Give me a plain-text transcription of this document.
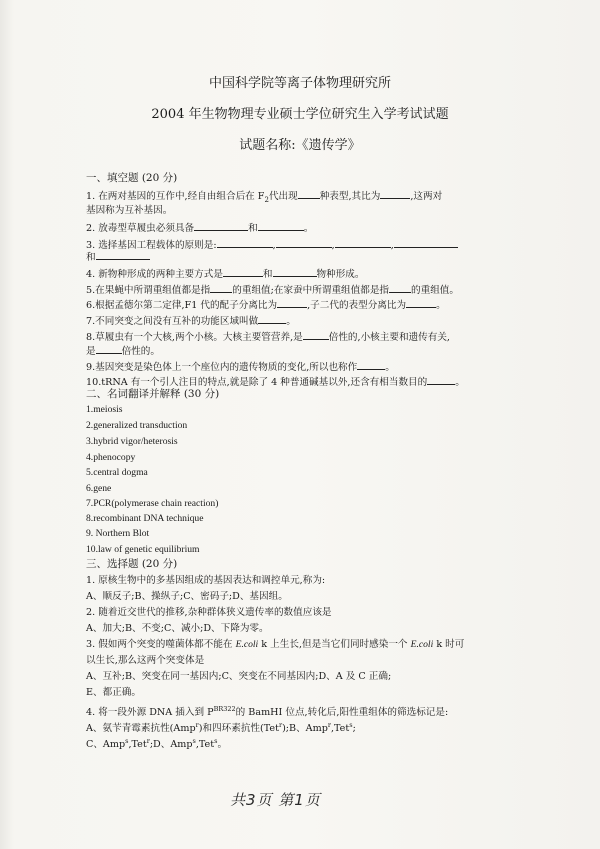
中国科学院等离子体物理研究所
2004 年生物物理专业硕士学位研究生入学考试试题
试题名称:《遗传学》
一、填空题 (20 分)
1. 在两对基因的互作中,经自由组合后在 $F_2$代出现 种表型,其比为	,这两对
基因称为互补基因。
2. 放毒型草履虫必须具备	和	。
3. 选择基因工程载体的原则是:	,	,	,
和
4. 新物种形成的两种主要方式是	和	物种形成。
5.在果蝇中所谓重组值都是指 的重组值;在家蚕中所谓重组值都是指 的重组值。
6.根据孟德尔第二定律,F1 代的配子分离比为	,子二代的表型分离比为	。
7.不同突变之间没有互补的功能区域叫做	。
8.草履虫有一个大核,两个小核。大核主要管营养,是	倍性的,小核主要和遗传有关,
是	倍性的。
9.基因突变是染色体上一个座位内的遗传物质的变化,所以也称作	。
10.tRNA 有一个引人注目的特点,就是除了 4 种普通碱基以外,还含有相当数目的	。
二、名词翻译并解释 (30 分)
1.meiosis
2.generalized transduction
3.hybrid vigor/heterosis
4.phenocopy
5.central dogma
6.gene
7.PCR(polymerase chain reaction)
8.recombinant DNA technique
9. Northern Blot
10.law of genetic equilibrium
三、选择题 (20 分)
1. 原核生物中的多基因组成的基因表达和调控单元,称为:
A、顺反子;B、操纵子;C、密码子;D、基因组。
2. 随着近交世代的推移,杂种群体狭义遗传率的数值应该是
A、加大;B、不变;C、减小;D、下降为零。
3. 假如两个突变的噬菌体都不能在 E.coli k 上生长,但是当它们同时感染一个 E.coli k 时可
以生长,那么这两个突变体是
A、互补;B、突变在同一基因内;C、突变在不同基因内;D、A 及 C 正确;
E、都正确。
4. 将一段外源 DNA 插入到 $P^{BR322}$的 BamHI 位点,转化后,阳性重组体的筛选标记是:
A、氨苄青霉素抗性(Amp$^r$)和四环素抗性(Tet$^r$);B、Amp$^r$,Tet$^s$;
C、Amp$^s$,Tet$^r$;D、Amp$^s$,Tet$^s$。
共3页 第1页
